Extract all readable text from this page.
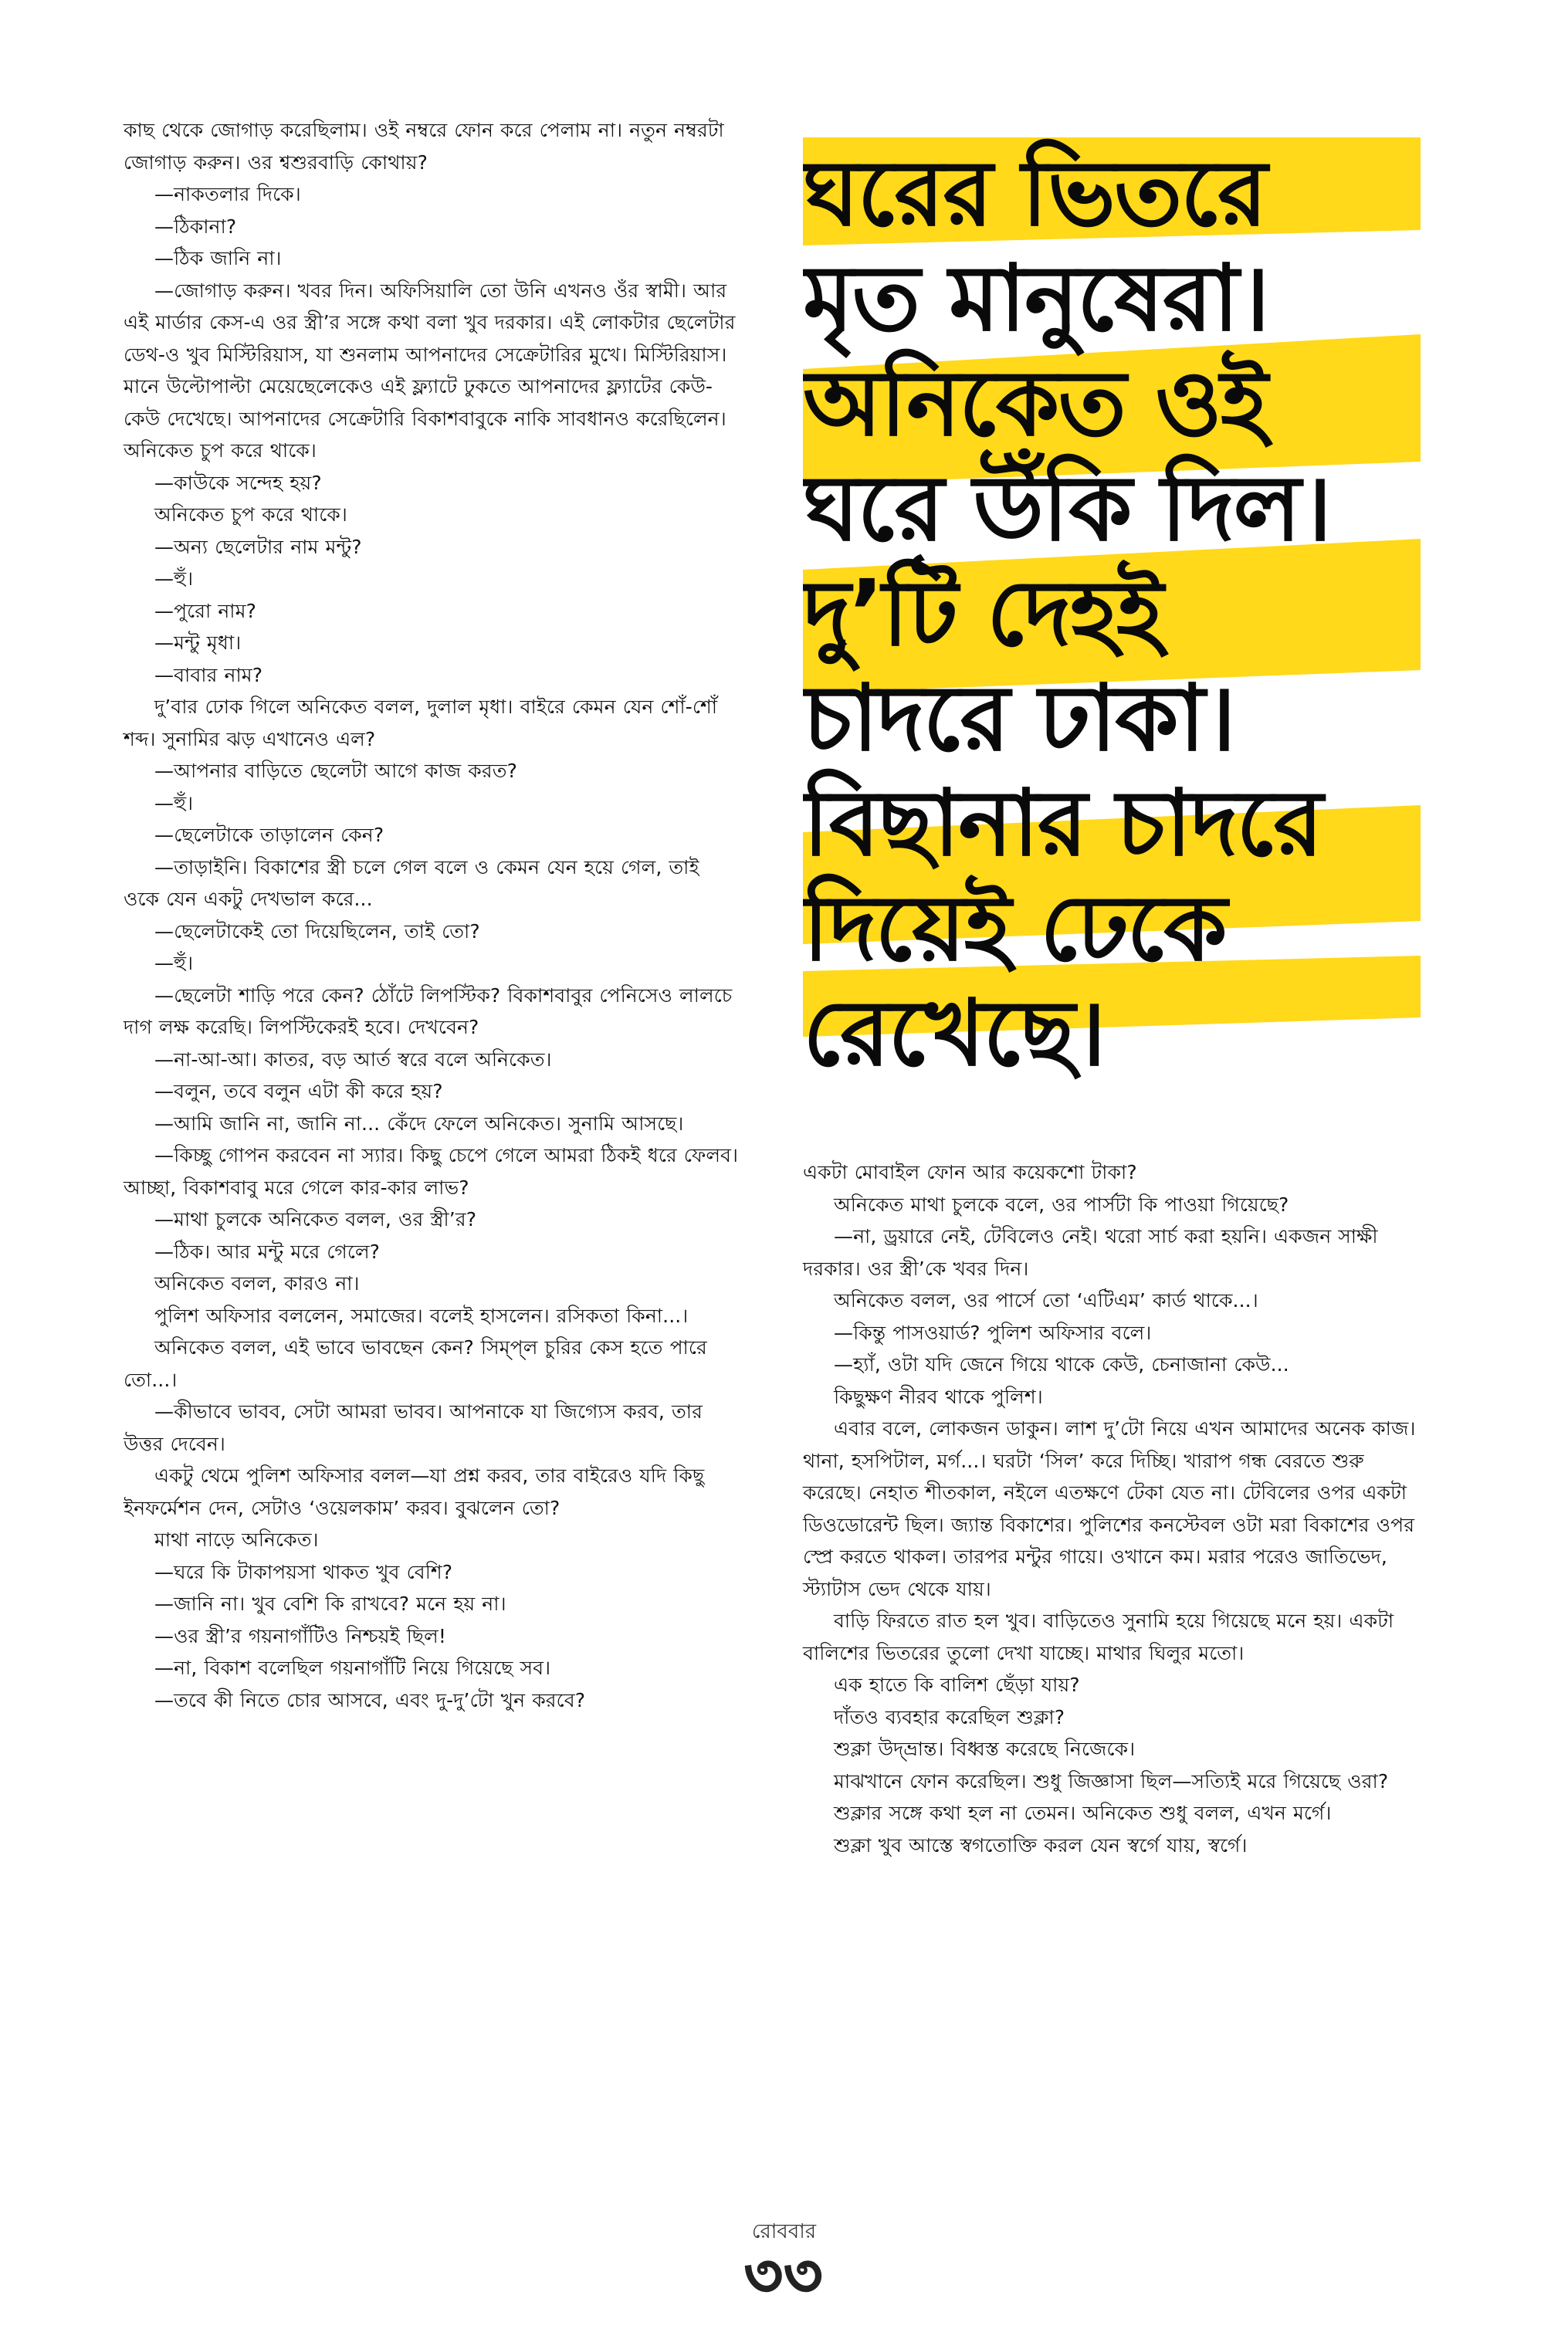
কাছ থেকে জোগাড় করেছিলাম। ওই নম্বরে ফোন করে পেলাম না। নতুন নম্বরটা জোগাড় করুন। ওর শ্বশুরবাড়ি কোথায়?

—নাকতলার দিকে।

—ঠিকানা?

—ঠিক জানি না।

—জোগাড় করুন। খবর দিন। অফিসিয়ালি তো উনি এখনও ওঁর স্বামী। আর এই মার্ডার কেস-এ ওর স্ত্রী’র সঙ্গে কথা বলা খুব দরকার। এই লোকটার ছেলেটার ডেথ-ও খুব মিস্টিরিয়াস, যা শুনলাম আপনাদের সেক্রেটারির মুখে। মিস্টিরিয়াস। মানে উল্টোপাল্টা মেয়েছেলেকেও এই ফ্ল্যাটে ঢুকতে আপনাদের ফ্ল্যাটের কেউ-কেউ দেখেছে। আপনাদের সেক্রেটারি বিকাশবাবুকে নাকি সাবধানও করেছিলেন।

অনিকেত চুপ করে থাকে।

—কাউকে সন্দেহ হয়?

অনিকেত চুপ করে থাকে।

—অন্য ছেলেটার নাম মন্টু?

—হুঁ।

—পুরো নাম?

—মন্টু মৃধা।

—বাবার নাম?

দু’বার ঢোক গিলে অনিকেত বলল, দুলাল মৃধা। বাইরে কেমন যেন শোঁ-শোঁ শব্দ। সুনামির ঝড় এখানেও এল?

—আপনার বাড়িতে ছেলেটা আগে কাজ করত?

—হুঁ।

—ছেলেটাকে তাড়ালেন কেন?

—তাড়াইনি। বিকাশের স্ত্রী চলে গেল বলে ও কেমন যেন হয়ে গেল, তাই ওকে যেন একটু দেখভাল করে...

—ছেলেটাকেই তো দিয়েছিলেন, তাই তো?

—হুঁ।

—ছেলেটা শাড়ি পরে কেন? ঠোঁটে লিপস্টিক? বিকাশবাবুর পেনিসেও লালচে দাগ লক্ষ করেছি। লিপস্টিকেরই হবে। দেখবেন?

—না-আ-আ। কাতর, বড় আর্ত স্বরে বলে অনিকেত।

—বলুন, তবে বলুন এটা কী করে হয়?

—আমি জানি না, জানি না... কেঁদে ফেলে অনিকেত। সুনামি আসছে।

—কিচ্ছু গোপন করবেন না স্যার। কিছু চেপে গেলে আমরা ঠিকই ধরে ফেলব। আচ্ছা, বিকাশবাবু মরে গেলে কার-কার লাভ?

—মাথা চুলকে অনিকেত বলল, ওর স্ত্রী’র?

—ঠিক। আর মন্টু মরে গেলে?

অনিকেত বলল, কারও না।

পুলিশ অফিসার বললেন, সমাজের। বলেই হাসলেন। রসিকতা কিনা...।

অনিকেত বলল, এই ভাবে ভাবছেন কেন? সিম্প্‌ল চুরির কেস হতে পারে তো...।

—কীভাবে ভাবব, সেটা আমরা ভাবব। আপনাকে যা জিগ্যেস করব, তার উত্তর দেবেন।

একটু থেমে পুলিশ অফিসার বলল—যা প্রশ্ন করব, তার বাইরেও যদি কিছু ইনফর্মেশন দেন, সেটাও ‘ওয়েলকাম’ করব। বুঝলেন তো?

মাথা নাড়ে অনিকেত।

—ঘরে কি টাকাপয়সা থাকত খুব বেশি?

—জানি না। খুব বেশি কি রাখবে? মনে হয় না।

—ওর স্ত্রী’র গয়নাগাঁটিও নিশ্চয়ই ছিল!

—না, বিকাশ বলেছিল গয়নাগাঁটি নিয়ে গিয়েছে সব।

—তবে কী নিতে চোর আসবে, এবং দু-দু’টো খুন করবে?

ঘরের ভিতরে
মৃত মানুষেরা।
অনিকেত ওই
ঘরে উঁকি দিল।
দু’টি দেহই
চাদরে ঢাকা।
বিছানার চাদরে
দিয়েই ঢেকে
রেখেছে।

একটা মোবাইল ফোন আর কয়েকশো টাকা?

অনিকেত মাথা চুলকে বলে, ওর পার্সটা কি পাওয়া গিয়েছে?

—না, ড্রয়ারে নেই, টেবিলেও নেই। থরো সার্চ করা হয়নি। একজন সাক্ষী দরকার। ওর স্ত্রী’কে খবর দিন।

অনিকেত বলল, ওর পার্সে তো ‘এটিএম’ কার্ড থাকে...।

—কিন্তু পাসওয়ার্ড? পুলিশ অফিসার বলে।

—হ্যাঁ, ওটা যদি জেনে গিয়ে থাকে কেউ, চেনাজানা কেউ...

কিছুক্ষণ নীরব থাকে পুলিশ।

এবার বলে, লোকজন ডাকুন। লাশ দু’টো নিয়ে এখন আমাদের অনেক কাজ। থানা, হসপিটাল, মর্গ...। ঘরটা ‘সিল’ করে দিচ্ছি। খারাপ গন্ধ বেরতে শুরু করেছে। নেহাত শীতকাল, নইলে এতক্ষণে টেকা যেত না। টেবিলের ওপর একটা ডিওডোরেন্ট ছিল। জ্যান্ত বিকাশের। পুলিশের কনস্টেবল ওটা মরা বিকাশের ওপর স্প্রে করতে থাকল। তারপর মন্টুর গায়ে। ওখানে কম। মরার পরেও জাতিভেদ, স্ট্যাটাস ভেদ থেকে যায়।

বাড়ি ফিরতে রাত হল খুব। বাড়িতেও সুনামি হয়ে গিয়েছে মনে হয়। একটা বালিশের ভিতরের তুলো দেখা যাচ্ছে। মাথার ঘিলুর মতো।

এক হাতে কি বালিশ ছেঁড়া যায়?

দাঁতও ব্যবহার করেছিল শুক্লা?

শুক্লা উদ্‌ভ্রান্ত। বিধ্বস্ত করেছে নিজেকে।

মাঝখানে ফোন করেছিল। শুধু জিজ্ঞাসা ছিল—সত্যিই মরে গিয়েছে ওরা?

শুক্লার সঙ্গে কথা হল না তেমন। অনিকেত শুধু বলল, এখন মর্গে।

শুক্লা খুব আস্তে স্বগতোক্তি করল যেন স্বর্গে যায়, স্বর্গে।

রোববার
৩৩
